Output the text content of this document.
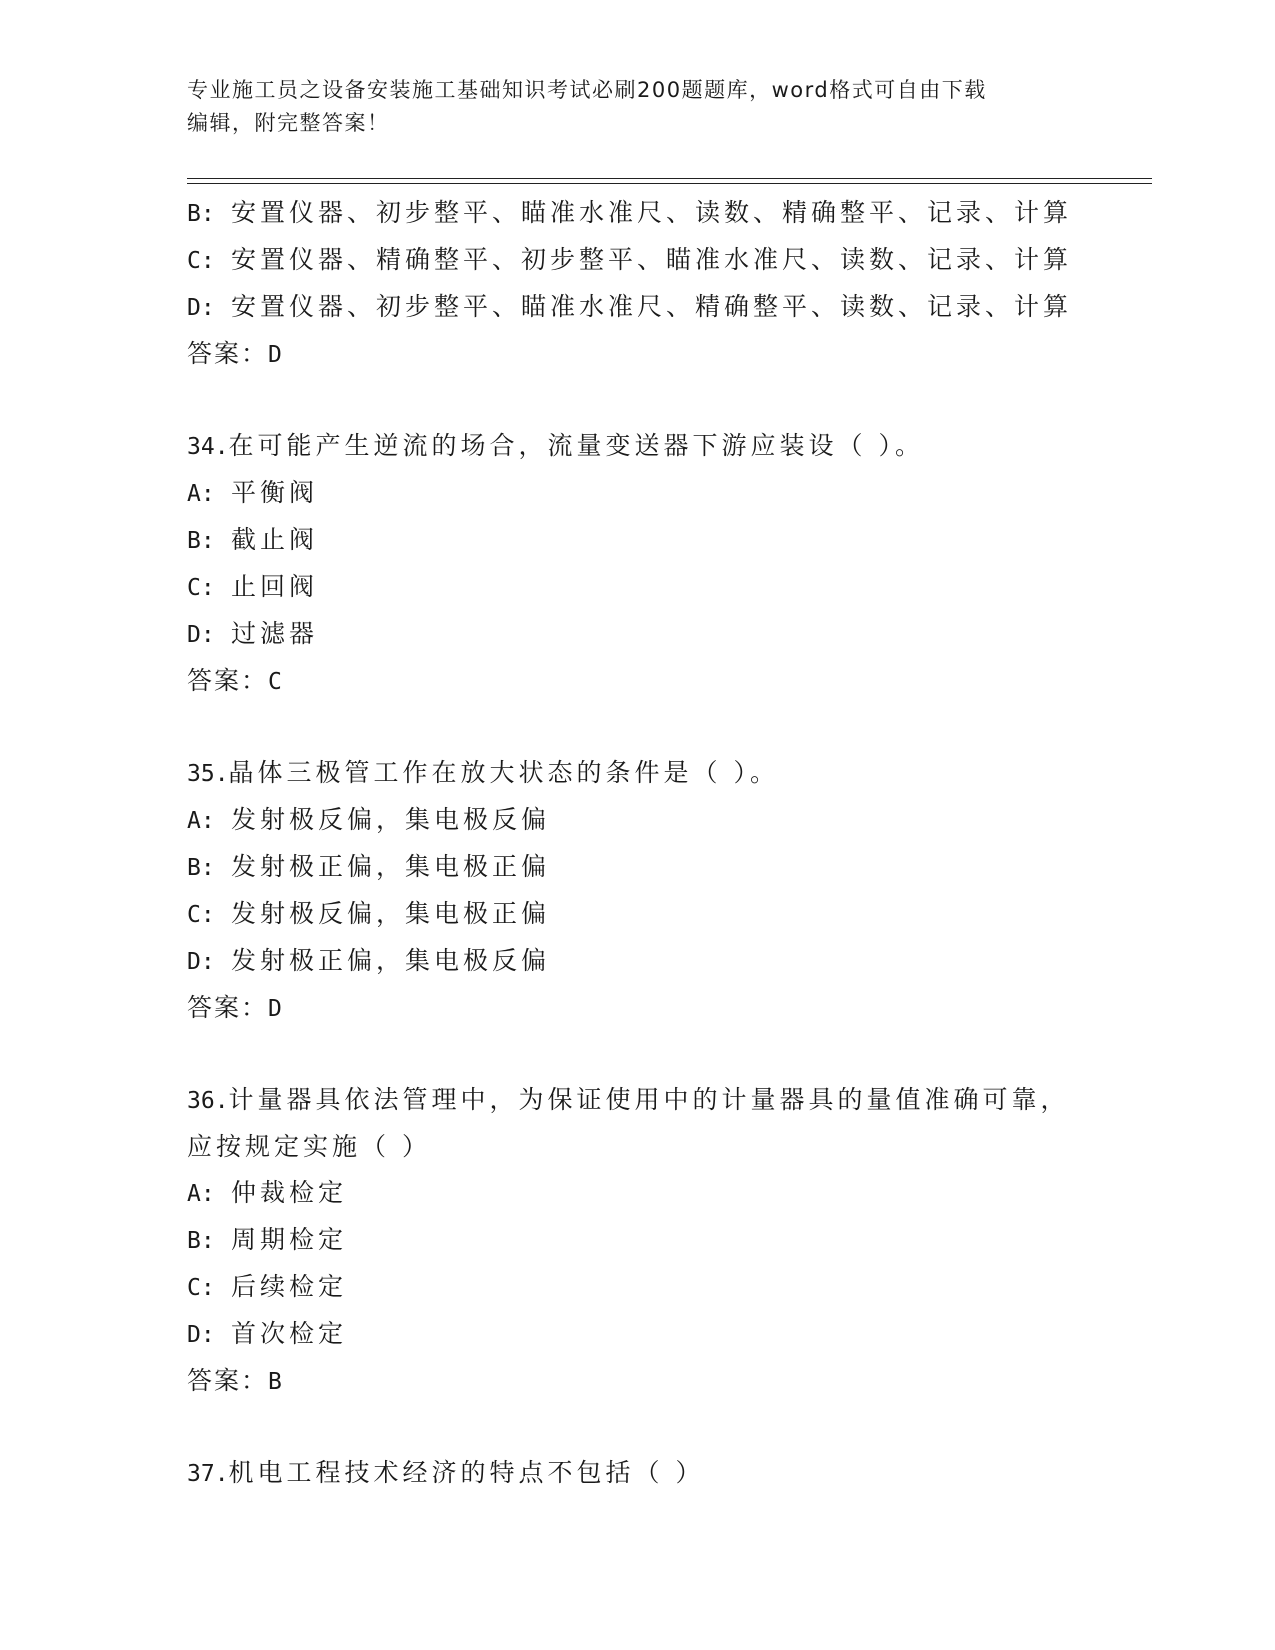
专业施工员之设备安装施工基础知识考试必刷200题题库，word格式可自由下载
编辑，附完整答案！
B: 安置仪器、初步整平、瞄准水准尺、读数、精确整平、记录、计算
C: 安置仪器、精确整平、初步整平、瞄准水准尺、读数、记录、计算
D: 安置仪器、初步整平、瞄准水准尺、精确整平、读数、记录、计算
答案：D
34.在可能产生逆流的场合，流量变送器下游应装设（ ）。
A: 平衡阀
B: 截止阀
C: 止回阀
D: 过滤器
答案：C
35.晶体三极管工作在放大状态的条件是（ ）。
A: 发射极反偏，集电极反偏
B: 发射极正偏，集电极正偏
C: 发射极反偏，集电极正偏
D: 发射极正偏，集电极反偏
答案：D
36.计量器具依法管理中，为保证使用中的计量器具的量值准确可靠，
应按规定实施（ ）
A: 仲裁检定
B: 周期检定
C: 后续检定
D: 首次检定
答案：B
37.机电工程技术经济的特点不包括（ ）
